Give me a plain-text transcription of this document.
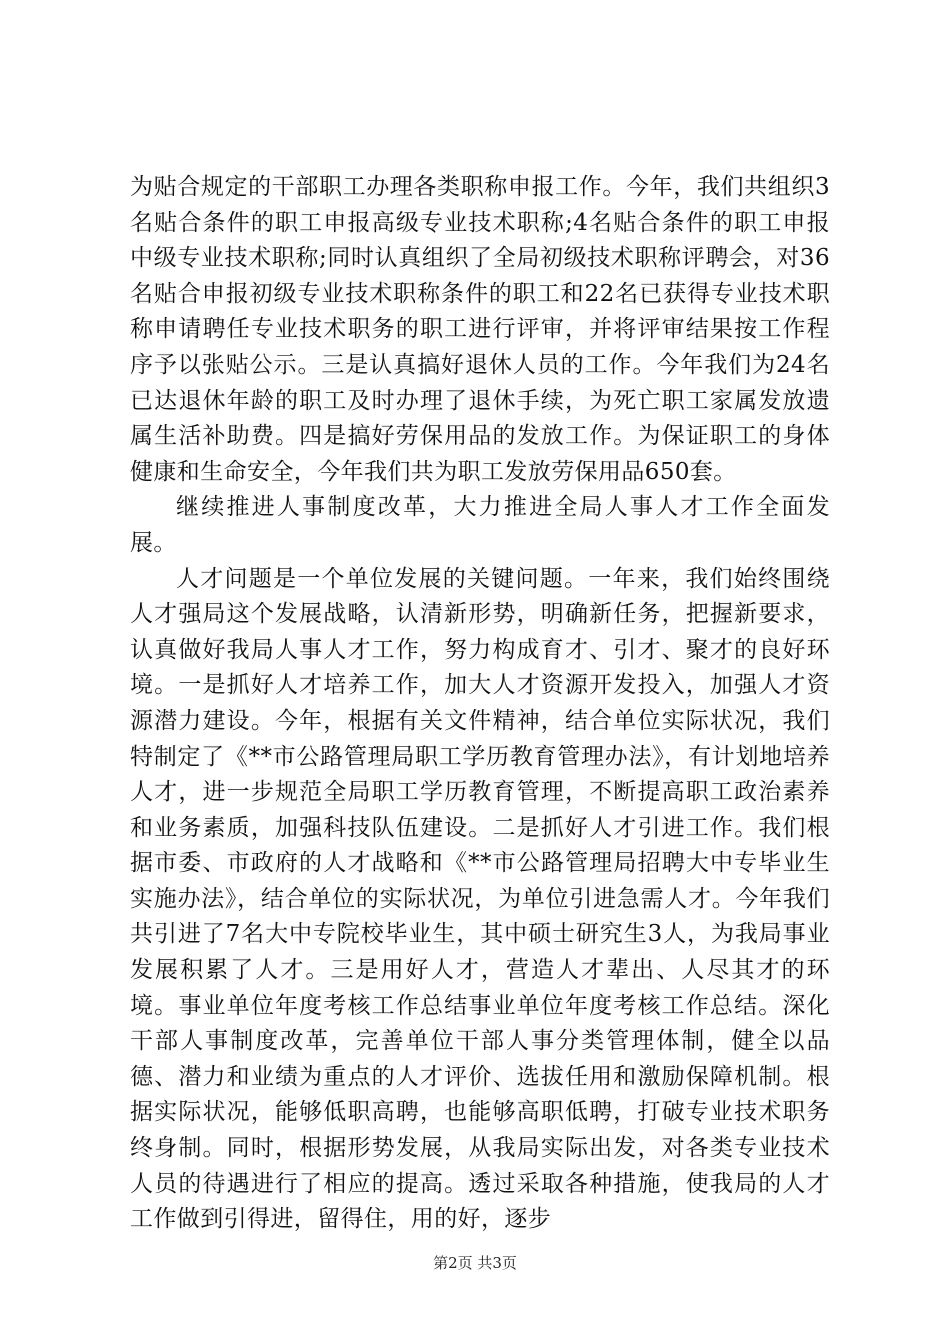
为贴合规定的干部职工办理各类职称申报工作。今年，我们共组织3名贴合条件的职工申报高级专业技术职称;4名贴合条件的职工申报中级专业技术职称;同时认真组织了全局初级技术职称评聘会，对36名贴合申报初级专业技术职称条件的职工和22名已获得专业技术职称申请聘任专业技术职务的职工进行评审，并将评审结果按工作程序予以张贴公示。三是认真搞好退休人员的工作。今年我们为24名已达退休年龄的职工及时办理了退休手续，为死亡职工家属发放遗属生活补助费。四是搞好劳保用品的发放工作。为保证职工的身体健康和生命安全，今年我们共为职工发放劳保用品650套。

继续推进人事制度改革，大力推进全局人事人才工作全面发展。

人才问题是一个单位发展的关键问题。一年来，我们始终围绕人才强局这个发展战略，认清新形势，明确新任务，把握新要求，认真做好我局人事人才工作，努力构成育才、引才、聚才的良好环境。一是抓好人才培养工作，加大人才资源开发投入，加强人才资源潜力建设。今年，根据有关文件精神，结合单位实际状况，我们特制定了《**市公路管理局职工学历教育管理办法》，有计划地培养人才，进一步规范全局职工学历教育管理，不断提高职工政治素养和业务素质，加强科技队伍建设。二是抓好人才引进工作。我们根据市委、市政府的人才战略和《**市公路管理局招聘大中专毕业生实施办法》，结合单位的实际状况，为单位引进急需人才。今年我们共引进了7名大中专院校毕业生，其中硕士研究生3人，为我局事业发展积累了人才。三是用好人才，营造人才辈出、人尽其才的环境。事业单位年度考核工作总结事业单位年度考核工作总结。深化干部人事制度改革，完善单位干部人事分类管理体制，健全以品德、潜力和业绩为重点的人才评价、选拔任用和激励保障机制。根据实际状况，能够低职高聘，也能够高职低聘，打破专业技术职务终身制。同时，根据形势发展，从我局实际出发，对各类专业技术人员的待遇进行了相应的提高。透过采取各种措施，使我局的人才工作做到引得进，留得住，用的好，逐步

第2页 共3页
